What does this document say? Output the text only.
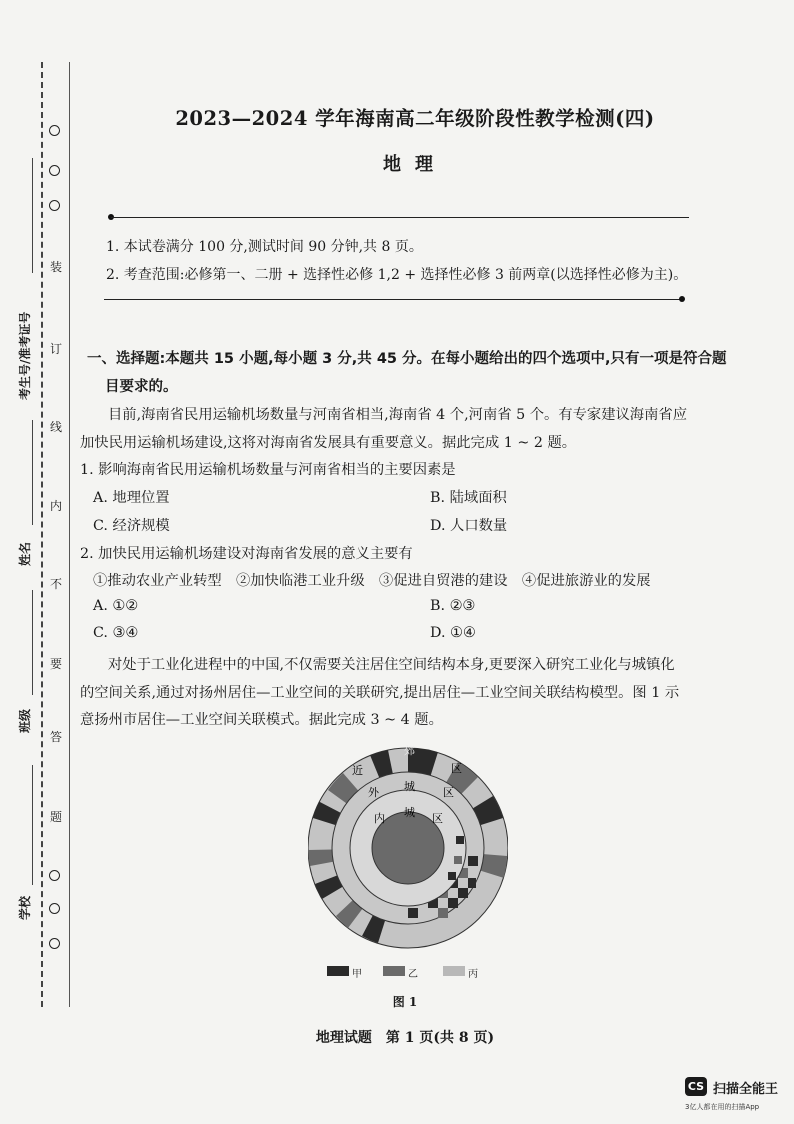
装
订
线
内
不
要
答
题
考生号/准考证号
姓名
班级
学校
2023—2024 学年海南高二年级阶段性教学检测(四)
地理
1. 本试卷满分 100 分,测试时间 90 分钟,共 8 页。
2. 考查范围:必修第一、二册 + 选择性必修 1,2 + 选择性必修 3 前两章(以选择性必修为主)。
一、选择题:本题共 15 小题,每小题 3 分,共 45 分。在每小题给出的四个选项中,只有一项是符合题
目要求的。
目前,海南省民用运输机场数量与河南省相当,海南省 4 个,河南省 5 个。有专家建议海南省应
加快民用运输机场建设,这将对海南省发展具有重要意义。据此完成 1 ~ 2 题。
1. 影响海南省民用运输机场数量与河南省相当的主要因素是
A. 地理位置	B. 陆域面积
C. 经济规模	D. 人口数量
2. 加快民用运输机场建设对海南省发展的意义主要有
①推动农业产业转型　②加快临港工业升级　③促进自贸港的建设　④促进旅游业的发展
A. ①②	B. ②③
C. ③④	D. ①④
对处于工业化进程中的中国,不仅需要关注居住空间结构本身,更要深入研究工业化与城镇化
的空间关系,通过对扬州居住—工业空间的关联研究,提出居住—工业空间关联结构模型。图 1 示
意扬州市居住—工业空间关联模式。据此完成 3 ~ 4 题。
近
郊
区
外 城	区
内 城 区
甲	乙	丙
图 1
地理试题　第 1 页(共 8 页)
CS 扫描全能王
3亿人都在用的扫描App
